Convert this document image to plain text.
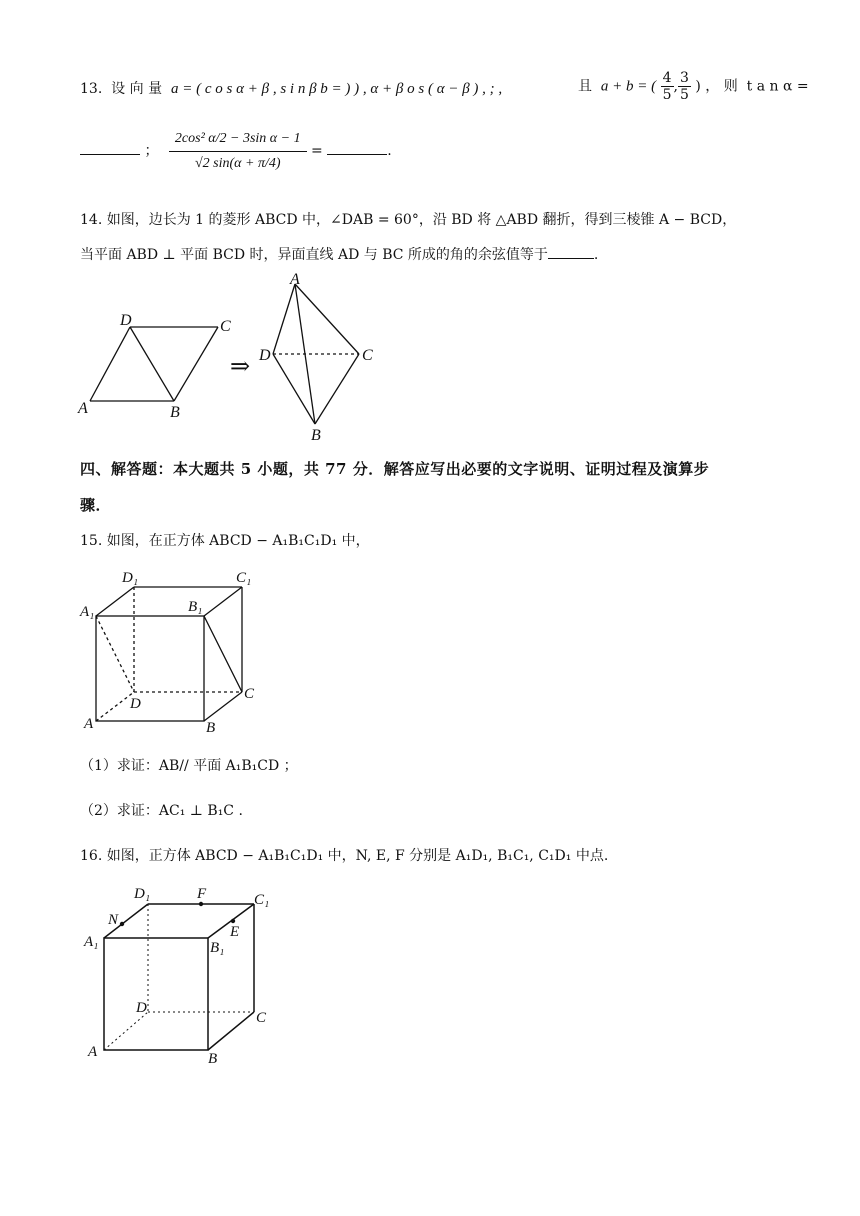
13. 设 向 量 a = ( c o s α + β , s i n β b = ) ) , α + β o s ( α − β ) , ; ,	且 a + b = ( $\frac{4}{5}$ , $\frac{3}{5}$ ) ， 则 t a n α =
； $\frac{\text{2cos² α/2 − 3sin α − 1}}{√2 \sin(\alpha + \pi/4)}$ =	.
14. 如图，边长为 1 的菱形 ABCD 中，∠DAB = 60°，沿 BD 将 △ABD 翻折，得到三棱锥 A − BCD，
当平面 ABD ⊥ 平面 BCD 时，异面直线 AD 与 BC 所成的角的余弦值等于	.
D	C
A	B
⇒
A
D	C
B
四、解答题：本大题共 5 小题，共 77 分．解答应写出必要的文字说明、证明过程及演算步
骤．
15. 如图，在正方体 ABCD − A₁B₁C₁D₁ 中，
D₁	C₁
A₁	B₁
D
C
A	B
（1）求证：AB// 平面 A₁B₁CD ；
（2）求证：AC₁ ⊥ B₁C .
16. 如图，正方体 ABCD − A₁B₁C₁D₁ 中，N, E, F 分别是 A₁D₁, B₁C₁, C₁D₁ 中点.
D₁	F	C₁
N
E
A₁	B₁
D
C
A	B
